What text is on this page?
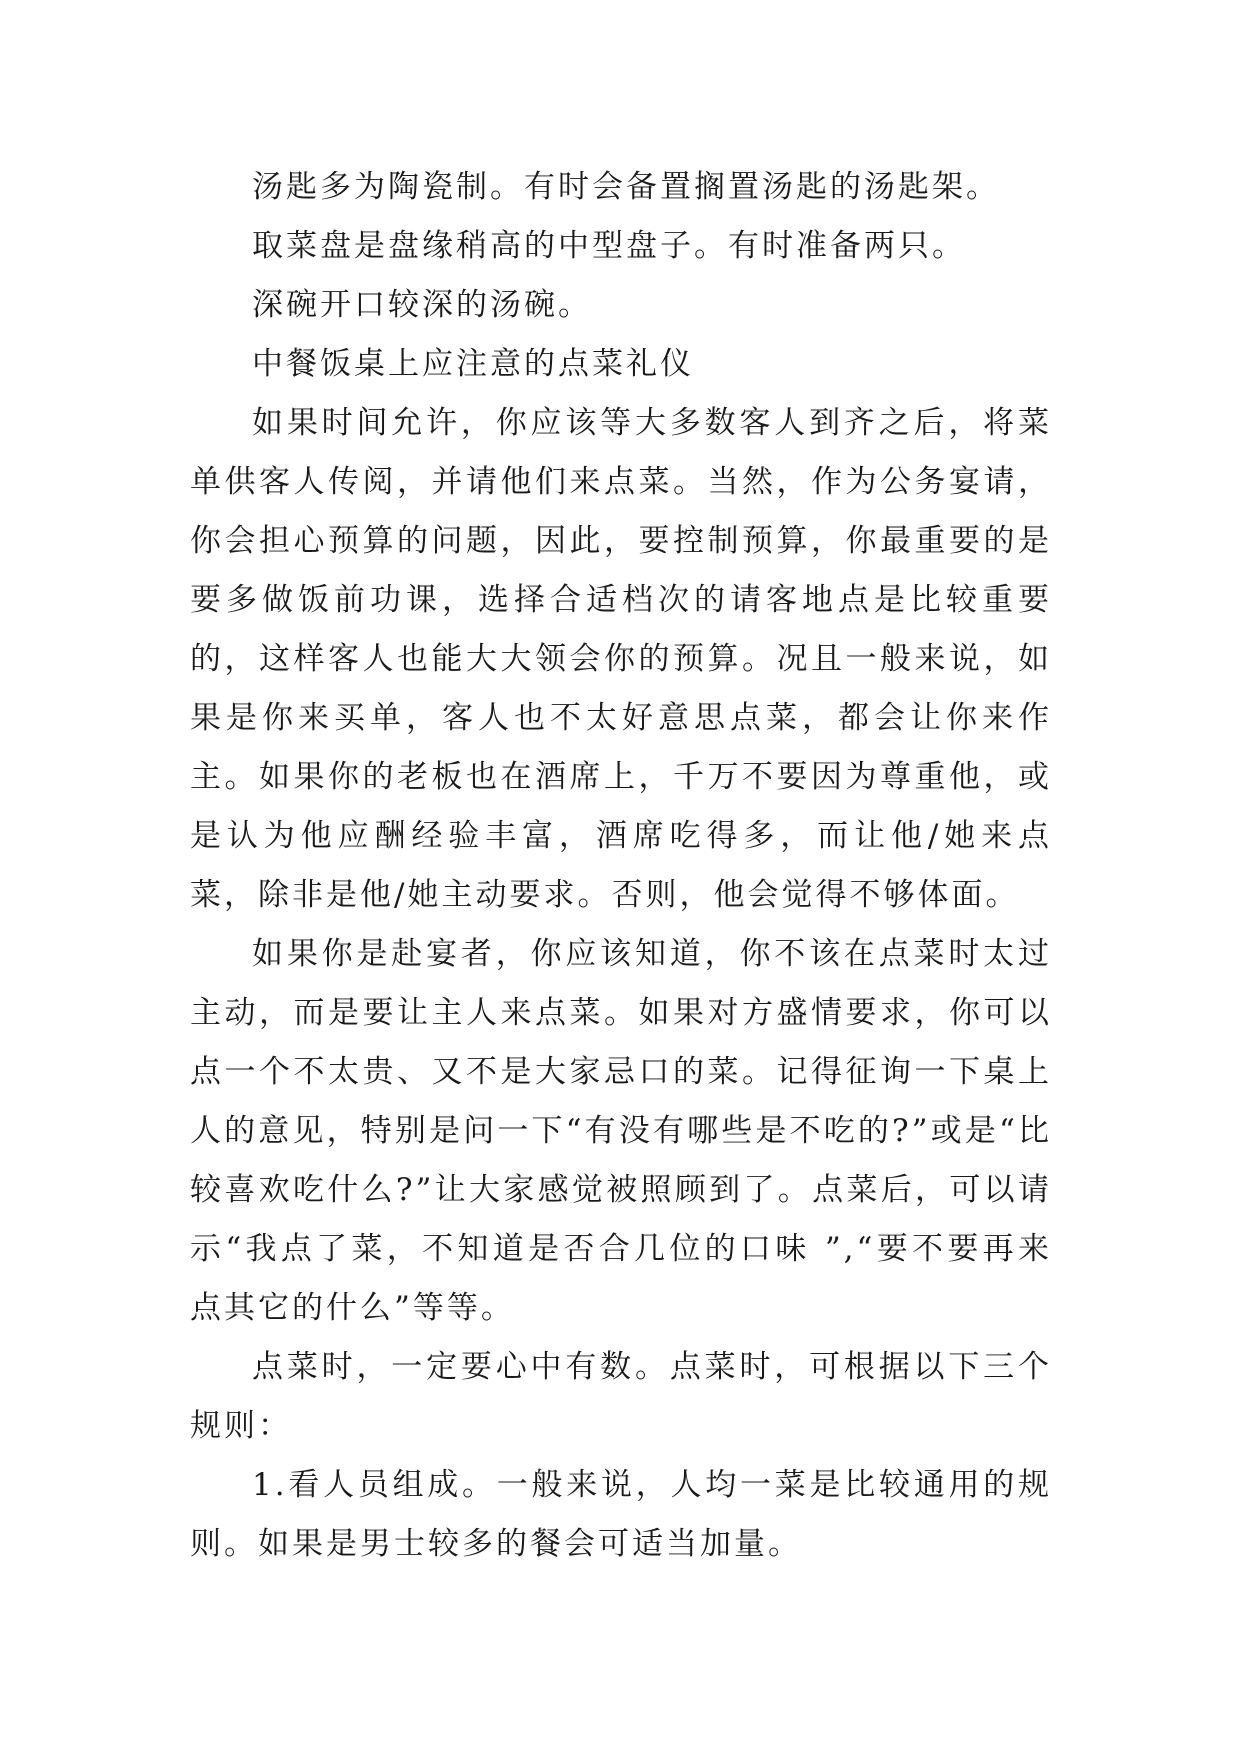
汤匙多为陶瓷制。有时会备置搁置汤匙的汤匙架。

取菜盘是盘缘稍高的中型盘子。有时准备两只。

深碗开口较深的汤碗。

中餐饭桌上应注意的点菜礼仪

如果时间允许，你应该等大多数客人到齐之后，将菜单供客人传阅，并请他们来点菜。当然，作为公务宴请，你会担心预算的问题，因此，要控制预算，你最重要的是要多做饭前功课，选择合适档次的请客地点是比较重要的，这样客人也能大大领会你的预算。况且一般来说，如果是你来买单，客人也不太好意思点菜，都会让你来作主。如果你的老板也在酒席上，千万不要因为尊重他，或是认为他应酬经验丰富，酒席吃得多，而让他/她来点菜，除非是他/她主动要求。否则，他会觉得不够体面。

如果你是赴宴者，你应该知道，你不该在点菜时太过主动，而是要让主人来点菜。如果对方盛情要求，你可以点一个不太贵、又不是大家忌口的菜。记得征询一下桌上人的意见，特别是问一下“有没有哪些是不吃的?”或是“比较喜欢吃什么?”让大家感觉被照顾到了。点菜后，可以请示“我点了菜，不知道是否合几位的口味 ”,“要不要再来点其它的什么”等等。

点菜时，一定要心中有数。点菜时，可根据以下三个规则：

1.看人员组成。一般来说，人均一菜是比较通用的规则。如果是男士较多的餐会可适当加量。
